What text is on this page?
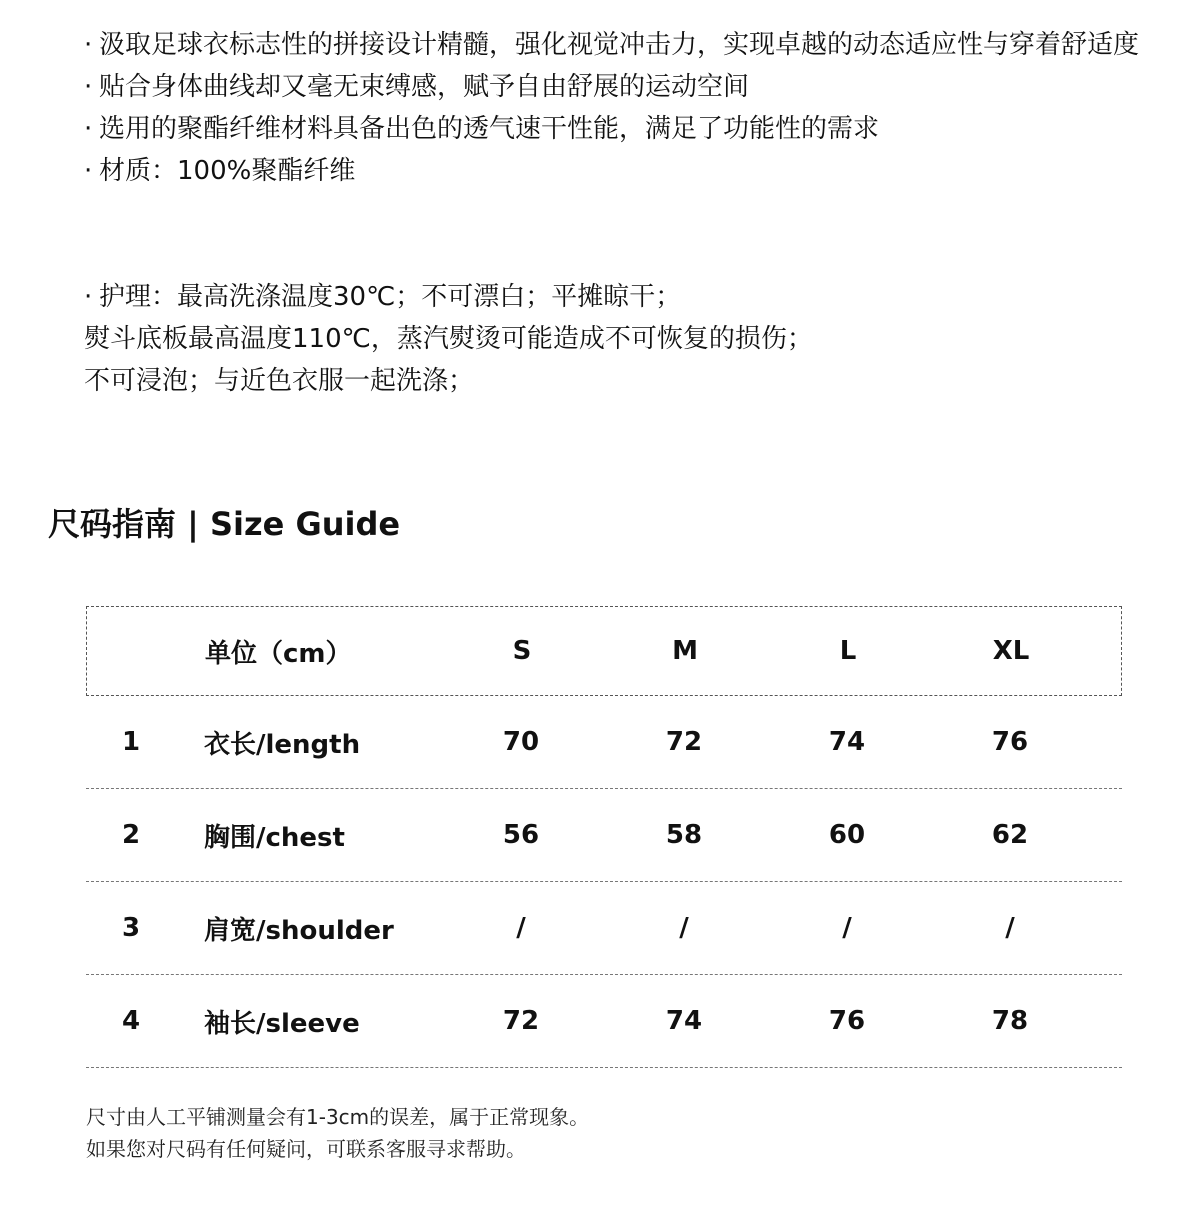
· 汲取足球衣标志性的拼接设计精髓，强化视觉冲击力，实现卓越的动态适应性与穿着舒适度
· 贴合身体曲线却又毫无束缚感，赋予自由舒展的运动空间
· 选用的聚酯纤维材料具备出色的透气速干性能，满足了功能性的需求
· 材质：100%聚酯纤维
· 护理：最高洗涤温度30℃；不可漂白；平摊晾干；
熨斗底板最高温度110℃，蒸汽熨烫可能造成不可恢复的损伤；
不可浸泡；与近色衣服一起洗涤；
尺码指南 | Size Guide
单位（cm）	S	M	L	XL
1 衣长/length	70	72	74	76
2 胸围/chest	56	58	60	62
3 肩宽/shoulder	/	/	/	/
4 袖长/sleeve	72	74	76	78
尺寸由人工平铺测量会有1-3cm的误差，属于正常现象。
如果您对尺码有任何疑问，可联系客服寻求帮助。
